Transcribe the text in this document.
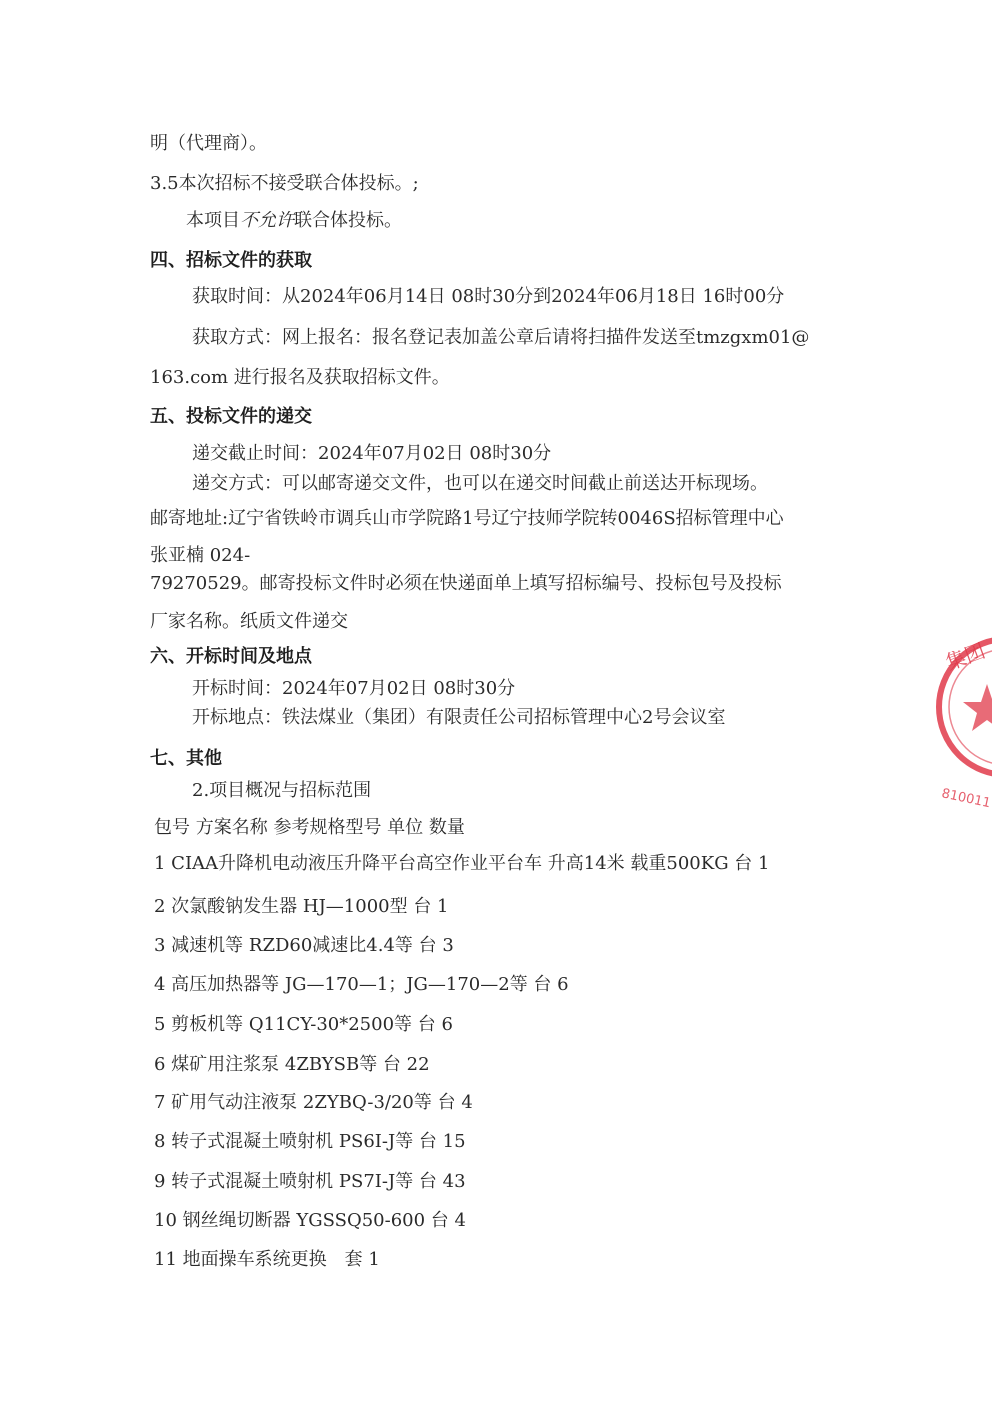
明（代理商）。
3.5本次招标不接受联合体投标。;
本项目不允许联合体投标。
四、招标文件的获取
获取时间：从2024年06月14日 08时30分到2024年06月18日 16时00分
获取方式：网上报名：报名登记表加盖公章后请将扫描件发送至tmzgxm01@
163.com 进行报名及获取招标文件。
五、投标文件的递交
递交截止时间：2024年07月02日 08时30分
递交方式：可以邮寄递交文件，也可以在递交时间截止前送达开标现场。
邮寄地址:辽宁省铁岭市调兵山市学院路1号辽宁技师学院转0046S招标管理中心
张亚楠 024-
79270529。邮寄投标文件时必须在快递面单上填写招标编号、投标包号及投标
厂家名称。纸质文件递交
六、开标时间及地点
开标时间：2024年07月02日 08时30分
开标地点：铁法煤业（集团）有限责任公司招标管理中心2号会议室
七、其他
2.项目概况与招标范围
包号 方案名称 参考规格型号 单位 数量
1 CIAA升降机电动液压升降平台高空作业平台车 升高14米 载重500KG 台 1
2 次氯酸钠发生器 HJ—1000型 台 1
3 减速机等 RZD60减速比4.4等 台 3
4 高压加热器等 JG—170—1；JG—170—2等 台 6
5 剪板机等 Q11CY-30*2500等 台 6
6 煤矿用注浆泵 4ZBYSB等 台 22
7 矿用气动注液泵 2ZYBQ-3/20等 台 4
8 转子式混凝土喷射机 PS6I-J等 台 15
9 转子式混凝土喷射机 PS7I-J等 台 43
10 钢丝绳切断器 YGSSQ50-600 台 4
11 地面操车系统更换　套 1
集团
810011
